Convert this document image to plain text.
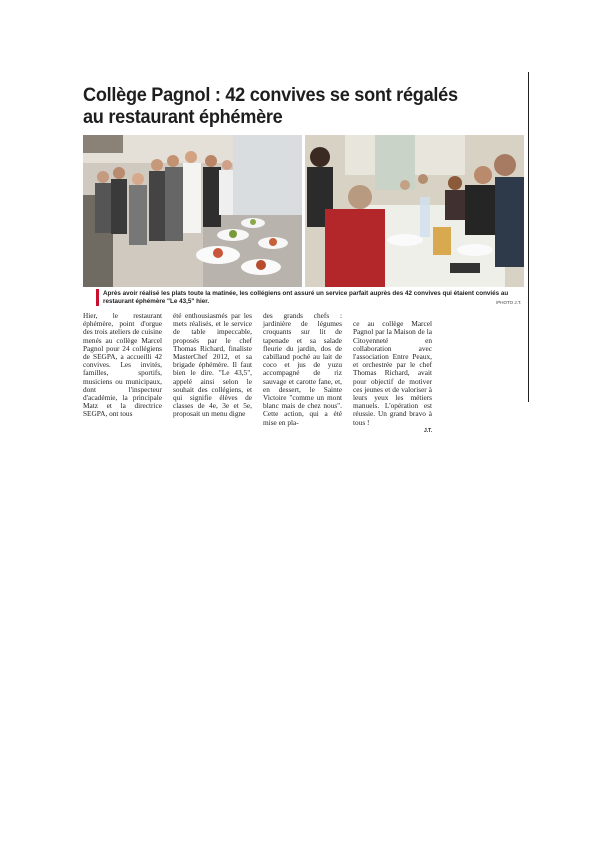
Collège Pagnol : 42 convives se sont régalés
au restaurant éphémère
Après avoir réalisé les plats toute la matinée, les collégiens ont assuré un service parfait auprès des 42 convives qui étaient conviés au
restaurant éphémère "Le 43,5" hier.	/PHOTO J.T.
Hier, le restaurant éphémère, point d'orgue des trois ateliers de cuisine menés au collège Marcel Pagnol pour 24 collégiens de SEGPA, a accueilli 42 convives. Les invités, familles, sportifs, musiciens ou municipaux, dont l'inspecteur d'académie, la principale Matz et la directrice SEGPA, ont tous
été enthousiasmés par les mets réalisés, et le service de table impeccable, proposés par le chef Thomas Richard, finaliste MasterChef 2012, et sa brigade éphémère. Il faut bien le dire. "Le 43,5", appelé ainsi selon le souhait des collégiens, et qui signifie élèves de classes de 4e, 3e et 5e, proposait un menu digne
des grands chefs : jardinière de légumes croquants sur lit de tapenade et sa salade fleurie du jardin, dos de cabillaud poché au lait de coco et jus de yuzu accompagné de riz sauvage et carotte fane, et, en dessert, le Sainte Victoire "comme un mont blanc mais de chez nous". Cette action, qui a été mise en pla-

ce au collège Marcel Pagnol par la Maison de la Citoyenneté en collaboration avec l'association Entre Peaux, et orchestrée par le chef Thomas Richard, avait pour objectif de motiver ces jeunes et de valoriser à leurs yeux les métiers manuels. L'opération est réussie. Un grand bravo à tous !

J.T.
